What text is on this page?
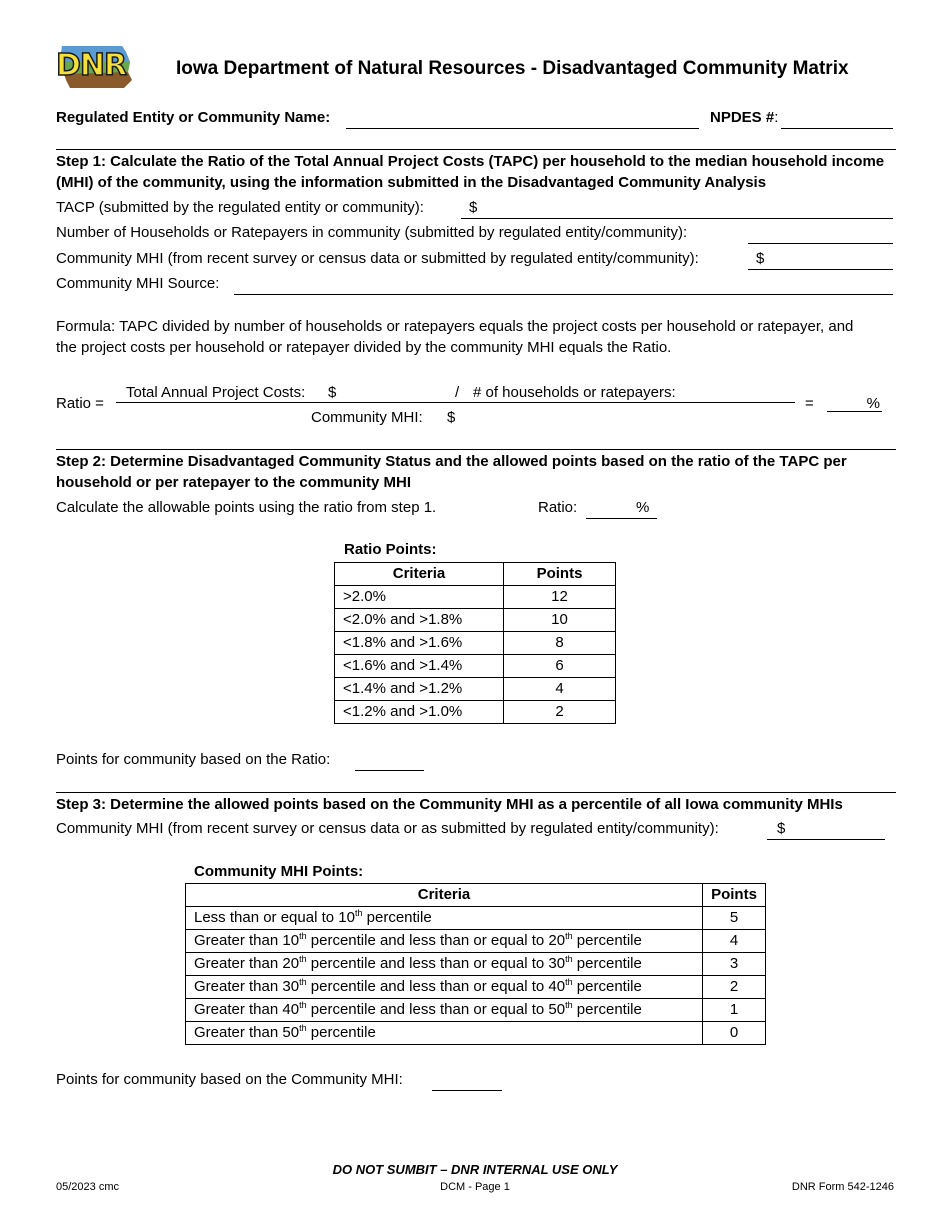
DNR	Iowa Department of Natural Resources - Disadvantaged Community Matrix
Regulated Entity or Community Name:	NPDES #:
Step 1: Calculate the Ratio of the Total Annual Project Costs (TAPC) per household to the median household income
(MHI) of the community, using the information submitted in the Disadvantaged Community Analysis
TACP (submitted by the regulated entity or community):	$
Number of Households or Ratepayers in community (submitted by regulated entity/community):
Community MHI (from recent survey or census data or submitted by regulated entity/community):	$
Community MHI Source:
Formula: TAPC divided by number of households or ratepayers equals the project costs per household or ratepayer, and
the project costs per household or ratepayer divided by the community MHI equals the Ratio.
Ratio =
Total Annual Project Costs: $	/ # of households or ratepayers:
Community MHI: $
=	%
Step 2: Determine Disadvantaged Community Status and the allowed points based on the ratio of the TAPC per
household or per ratepayer to the community MHI
Calculate the allowable points using the ratio from step 1.	Ratio:	%
Ratio Points:
Criteria	Points
>2.0%	12
<2.0% and >1.8%	10
<1.8% and >1.6%	8
<1.6% and >1.4%	6
<1.4% and >1.2%	4
<1.2% and >1.0%	2
Points for community based on the Ratio:
Step 3: Determine the allowed points based on the Community MHI as a percentile of all Iowa community MHIs
Community MHI (from recent survey or census data or as submitted by regulated entity/community):	$
Community MHI Points:
Criteria	Points
Less than or equal to 10th percentile	5
Greater than 10th percentile and less than or equal to 20th percentile	4
Greater than 20th percentile and less than or equal to 30th percentile	3
Greater than 30th percentile and less than or equal to 40th percentile	2
Greater than 40th percentile and less than or equal to 50th percentile	1
Greater than 50th percentile	0
Points for community based on the Community MHI:
DO NOT SUMBIT – DNR INTERNAL USE ONLY
05/2023 cmc	DCM - Page 1	DNR Form 542-1246
